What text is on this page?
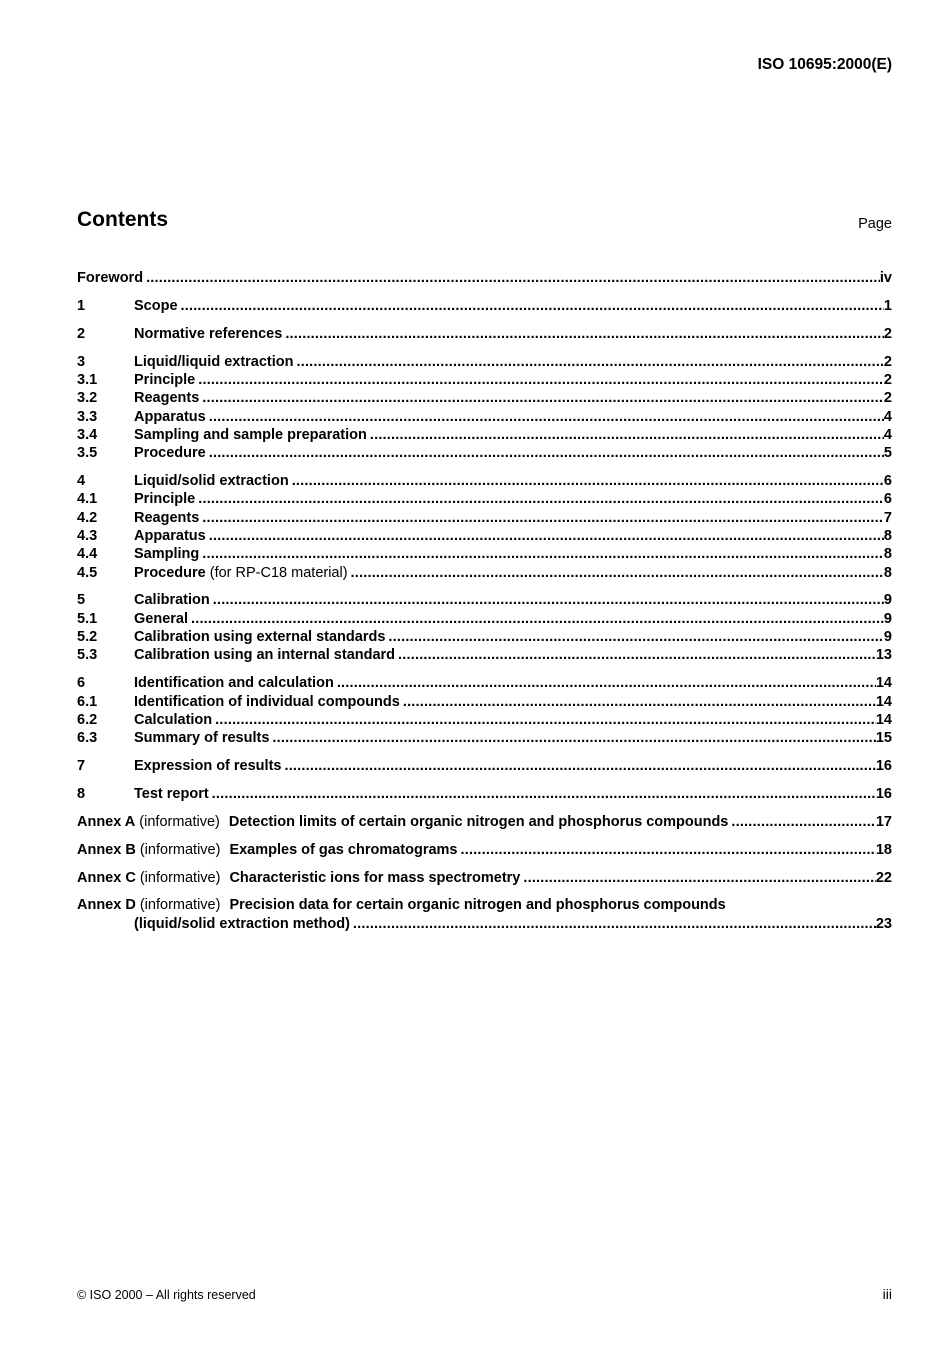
ISO 10695:2000(E)
Contents	Page
Foreword .....	iv
1	Scope .....	1
2	Normative references .....	2
3	Liquid/liquid extraction .....	2
3.1	Principle .....	2
3.2	Reagents .....	2
3.3	Apparatus .....	4
3.4	Sampling and sample preparation .....	4
3.5	Procedure .....	5
4	Liquid/solid extraction .....	6
4.1	Principle .....	6
4.2	Reagents .....	7
4.3	Apparatus .....	8
4.4	Sampling .....	8
4.5	Procedure (for RP-C18 material) .....	8
5	Calibration .....	9
5.1	General .....	9
5.2	Calibration using external standards .....	9
5.3	Calibration using an internal standard .....	13
6	Identification and calculation .....	14
6.1	Identification of individual compounds .....	14
6.2	Calculation .....	14
6.3	Summary of results .....	15
7	Expression of results .....	16
8	Test report .....	16
Annex A (informative) Detection limits of certain organic nitrogen and phosphorus compounds .....	17
Annex B (informative) Examples of gas chromatograms .....	18
Annex C (informative) Characteristic ions for mass spectrometry .....	22
Annex D (informative) Precision data for certain organic nitrogen and phosphorus compounds
(liquid/solid extraction method) .....	23
© ISO 2000 – All rights reserved	iii
